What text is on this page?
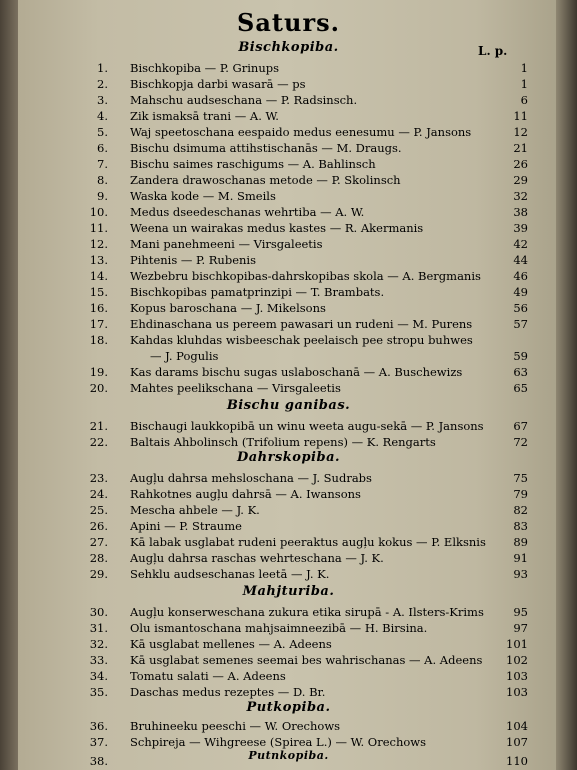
Saturs.
L. p.
Bischkopiba.
1. Bischkopiba — P. Grinups	1
2. Bischkopja darbi wasarā — ps	1
3. Mahschu audseschana — P. Radsinsch.	6
4. Zik ismaksā trani — A. W.	11
5. Waj speetoschana eespaido medus eenesumu — P. Jansons	12
6. Bischu dsimuma attihstischanās — M. Draugs.	21
7. Bischu saimes raschigums — A. Bahlinsch	26
8. Zandera drawoschanas metode — P. Skolinsch	29
9. Waska kode — M. Smeils	32
10. Medus dseedeschanas wehrtiba — A. W.	38
11. Weena un wairakas medus kastes — R. Akermanis	39
12. Mani panehmeeni — Virsgaleetis	42
13. Pihtenis — P. Rubenis	44
14. Wezbebru bischkopibas-dahrskopibas skola — A. Bergmanis	46
15. Bischkopibas pamatprinzipi — T. Brambats.	49
16. Kopus baroschana — J. Mikelsons	56
17. Ehdinaschana us pereem pawasari un rudeni — M. Purens	57
18. Kahdas kluhdas wisbeeschak peelaisch pee stropu buhwes
— J. Pogulis	59
19. Kas darams bischu sugas uslaboschanā — A. Buschewizs	63
20. Mahtes peelikschana — Virsgaleetis	65
Bischu ganibas.
21. Bischaugi laukkopibā un winu weeta augu-sekā — P. Jansons	67
22. Baltais Ahbolinsch (Trifolium repens) — K. Rengarts	72
Dahrskopiba.
23. Augļu dahrsa mehsloschana — J. Sudrabs	75
24. Rahkotnes augļu dahrsā — A. Iwansons	79
25. Mescha ahbele — J. K.	82
26. Apini — P. Straume	83
27. Kā labak usglabat rudeni peeraktus augļu kokus — P. Elksnis	89
28. Augļu dahrsa raschas wehrteschana — J. K.	91
29. Sehklu audseschanas leetā — J. K.	93
Mahjturiba.
30. Augļu konserweschana zukura etika sirupā - A. Ilsters-Krims	95
31. Olu ismantoschana mahjsaimneezibā — H. Birsina.	97
32. Kā usglabat mellenes — A. Adeens	101
33. Kā usglabat semenes seemai bes wahrischanas — A. Adeens	102
34. Tomatu salati — A. Adeens	103
35. Daschas medus rezeptes — D. Br.	103
Putkopiba.
36. Bruhineeku peeschi — W. Orechows	104
37. Schpireja — Wihgreese (Spirea L.) — W. Orechows	107
Putnkopiba.
38.	110
